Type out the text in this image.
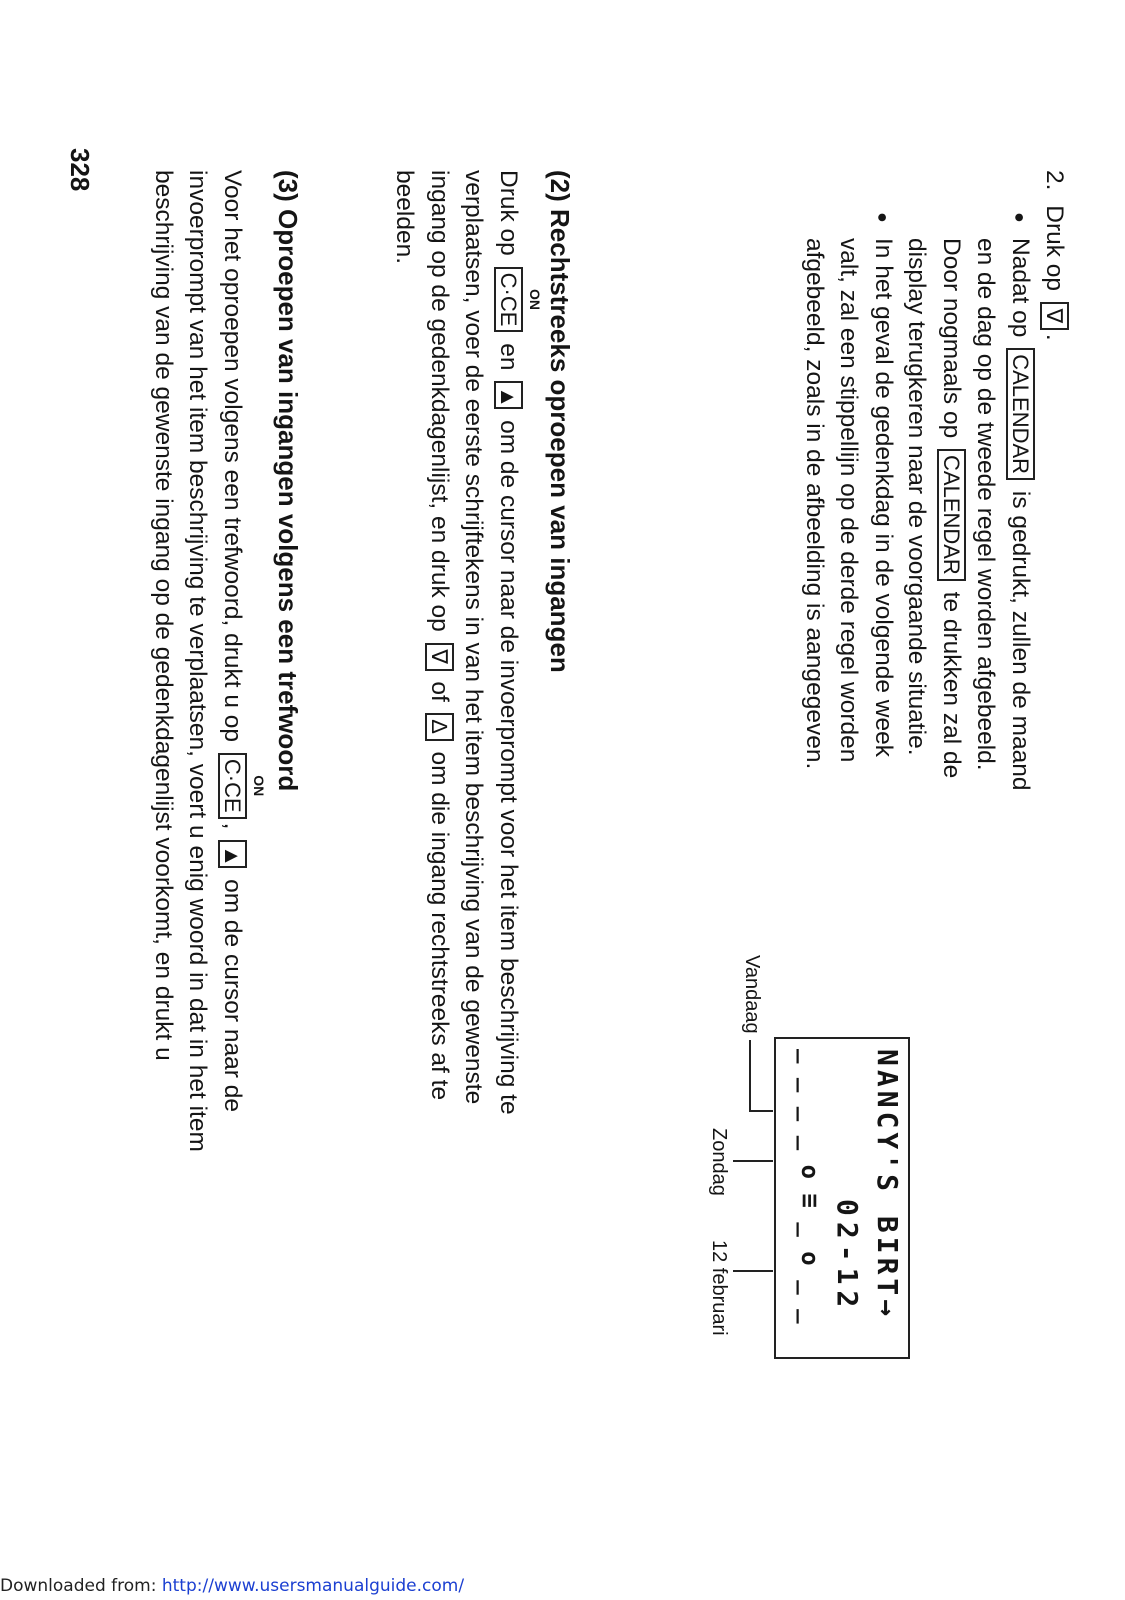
2. Druk op ∇.
●
Nadat op CALENDAR is gedrukt, zullen de maand
en de dag op de tweede regel worden afgebeeld.
Door nogmaals op CALENDAR te drukken zal de
display terugkeren naar de voorgaande situatie.
●
In het geval de gedenkdag in de volgende week
valt, zal een stippellijn op de derde regel worden
afgebeeld, zoals in de afbeelding is aangegeven.
NANCY'S BIRT→
02-12
_ _ _ _ o ≡ _ o _ _
Vandaag
Zondag
12 februari
(2) Rechtstreeks oproepen van ingangen
Druk op
ON
C·CE en ▲ om de cursor naar de invoerprompt voor het item beschrijving te
verplaatsen, voer de eerste schrijftekens in van het item beschrijving van de gewenste
ingang op de gedenkdagenlijst, en druk op ∇ of ∆ om die ingang rechtstreeks af te
beelden.
(3) Oproepen van ingangen volgens een trefwoord
Voor het oproepen volgens een trefwoord, drukt u op
ON
C·CE, ▲ om de cursor naar de
invoerprompt van het item beschrijving te verplaatsen, voert u enig woord in dat in het item
beschrijving van de gewenste ingang op de gedenkdagenlijst voorkomt, en drukt u
328
Downloaded from: http://www.usersmanualguide.com/
